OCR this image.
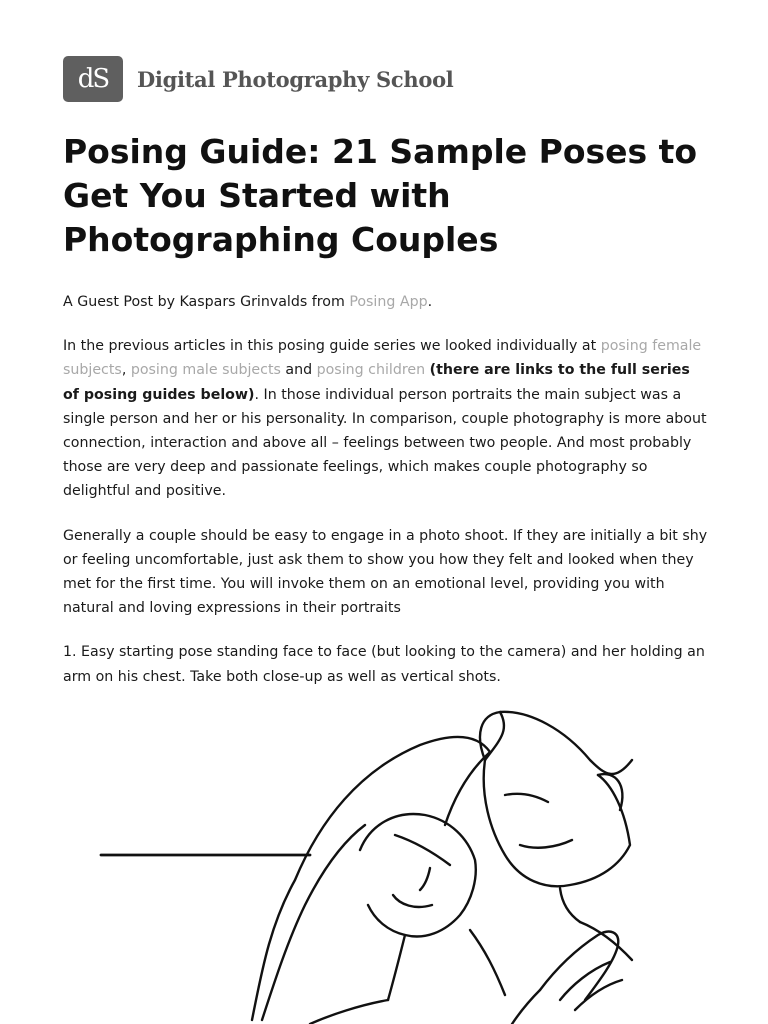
dS Digital Photography School
Posing Guide: 21 Sample Poses to Get You Started with Photographing Couples

A Guest Post by Kaspars Grinvalds from Posing App.

In the previous articles in this posing guide series we looked individually at posing female subjects, posing male subjects and posing children (there are links to the full series of posing guides below). In those individual person portraits the main subject was a single person and her or his personality. In comparison, couple photography is more about connection, interaction and above all – feelings between two people. And most probably those are very deep and passionate feelings, which makes couple photography so delightful and positive.

Generally a couple should be easy to engage in a photo shoot. If they are initially a bit shy or feeling uncomfortable, just ask them to show you how they felt and looked when they met for the first time. You will invoke them on an emotional level, providing you with natural and loving expressions in their portraits

1. Easy starting pose standing face to face (but looking to the camera) and her holding an arm on his chest. Take both close-up as well as vertical shots.
